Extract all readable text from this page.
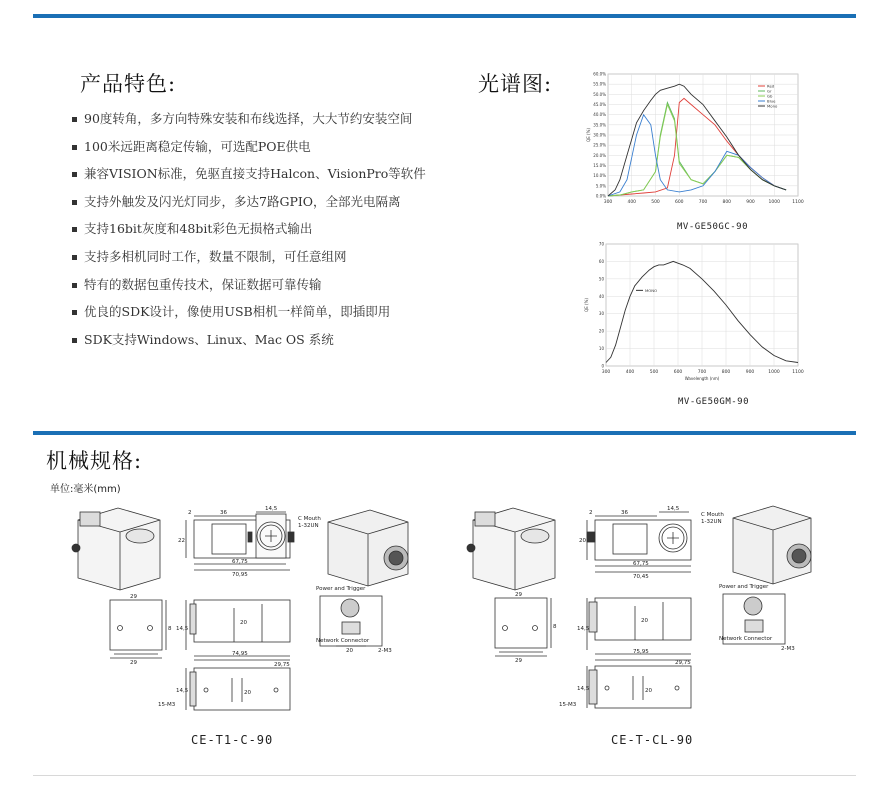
产品特色:
90度转角，多方向特殊安装和布线选择，大大节约安装空间
100米远距离稳定传输，可选配POE供电
兼容VISION标准，免驱直接支持Halcon、VisionPro等软件
支持外触发及闪光灯同步，多达7路GPIO，全部光电隔离
支持16bit灰度和48bit彩色无损格式输出
支持多相机同时工作，数量不限制，可任意组网
特有的数据包重传技术，保证数据可靠传输
优良的SDK设计，像使用USB相机一样简单，即插即用
SDK支持Windows、Linux、Mac OS 系统
光谱图:
300	400	500	600	700	800	900	1000	1100
0.0%
5.0%
10.0%
15.0%
20.0%
25.0%
30.0%
35.0%
40.0%
45.0%
50.0%
55.0%
60.0%
QE (%)
Red
Gr
Gb
Blue
Mono
MV-GE50GC-90
300	400	500	600	700	800	900	1000	1100
0
10
20
30
40
50
60
70
QE (%)
Wavelength (nm)
MONO
MV-GE50GM-90
机械规格:
单位:毫米(mm)
2	36
14,5
22
67,75
70,95
C Mouth
1-32UN
29
8
29
14,5
20
74,95
29,75
20
14,5
15-M3
Power and Trigger
Network Connector
2-M3
20
CE-T1-C-90
2	36
14,5
20
67,75
70,45
C Mouth
1-32UN
29
8
29
14,5
20
75,95
29,75
20
14,5
15-M3
Power and Trigger
Network Connector
2-M3
CE-T-CL-90
